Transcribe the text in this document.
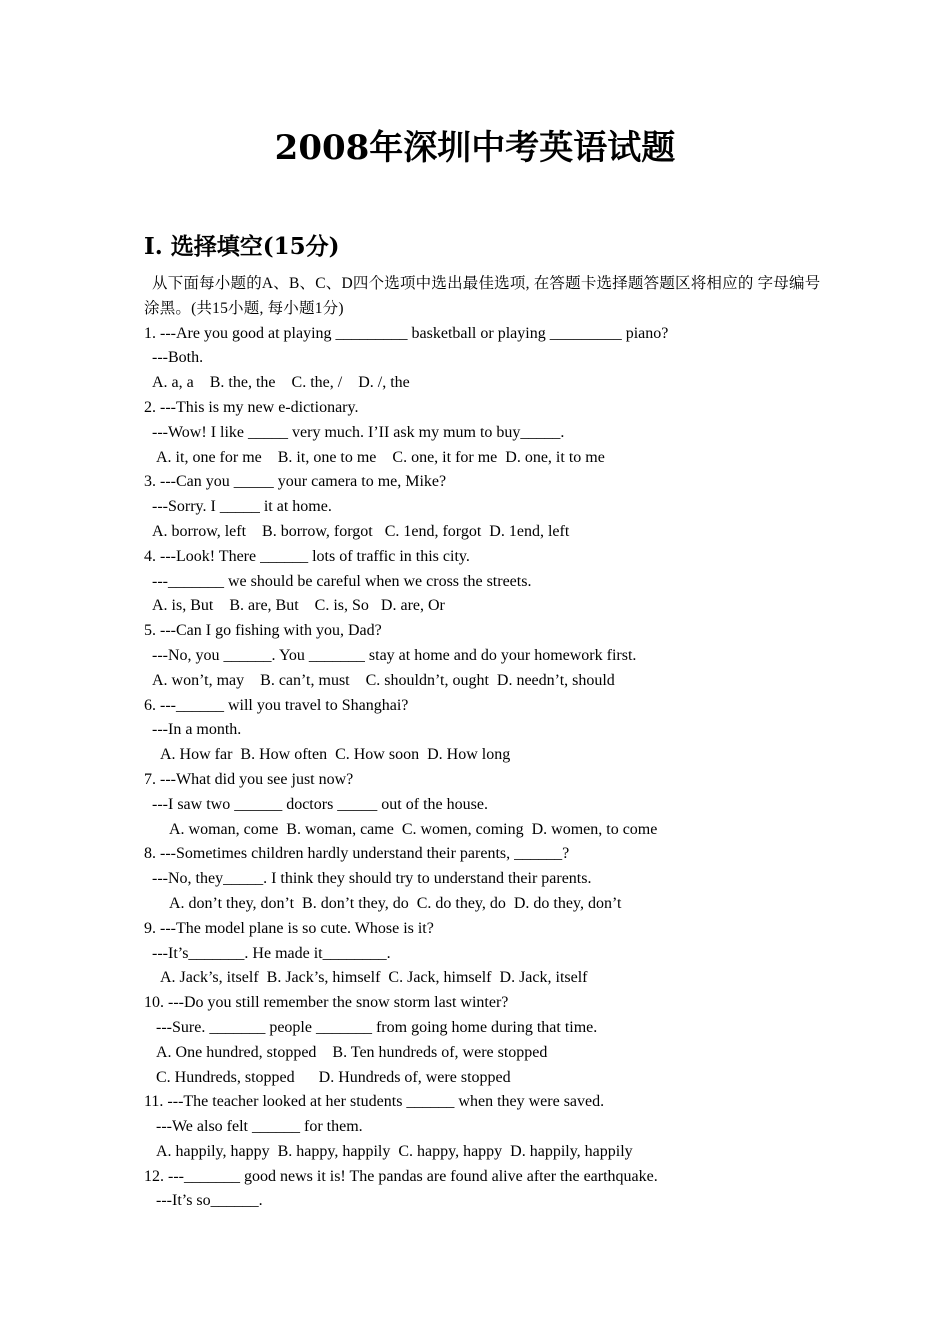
2008年深圳中考英语试题
I. 选择填空(15分)
从下面每小题的A、B、C、D四个选项中选出最佳选项, 在答题卡选择题答题区将相应的 字母编号涂黑。(共15小题, 每小题1分)
1. ---Are you good at playing _________ basketball or playing _________ piano?
---Both.
A. a, a    B. the, the    C. the, /    D. /, the
2. ---This is my new e-dictionary.
---Wow! I like _____ very much. I’II ask my mum to buy_____.
A. it, one for me    B. it, one to me    C. one, it for me  D. one, it to me
3. ---Can you _____ your camera to me, Mike?
---Sorry. I _____ it at home.
A. borrow, left    B. borrow, forgot   C. 1end, forgot  D. 1end, left
4. ---Look! There ______ lots of traffic in this city.
---_______ we should be careful when we cross the streets.
A. is, But    B. are, But    C. is, So   D. are, Or
5. ---Can I go fishing with you, Dad?
---No, you ______. You _______ stay at home and do your homework first.
A. won’t, may    B. can’t, must    C. shouldn’t, ought  D. needn’t, should
6. ---______ will you travel to Shanghai?
---In a month.
A. How far  B. How often  C. How soon  D. How long
7. ---What did you see just now?
---I saw two ______ doctors _____ out of the house.
A. woman, come  B. woman, came  C. women, coming  D. women, to come
8. ---Sometimes children hardly understand their parents, ______?
---No, they_____. I think they should try to understand their parents.
A. don’t they, don’t  B. don’t they, do  C. do they, do  D. do they, don’t
9. ---The model plane is so cute. Whose is it?
---It’s_______. He made it________.
A. Jack’s, itself  B. Jack’s, himself  C. Jack, himself  D. Jack, itself
10. ---Do you still remember the snow storm last winter?
---Sure. _______ people _______ from going home during that time.
A. One hundred, stopped    B. Ten hundreds of, were stopped
C. Hundreds, stopped      D. Hundreds of, were stopped
11. ---The teacher looked at her students ______ when they were saved.
---We also felt ______ for them.
A. happily, happy  B. happy, happily  C. happy, happy  D. happily, happily
12. ---_______ good news it is! The pandas are found alive after the earthquake.
---It’s so______.
